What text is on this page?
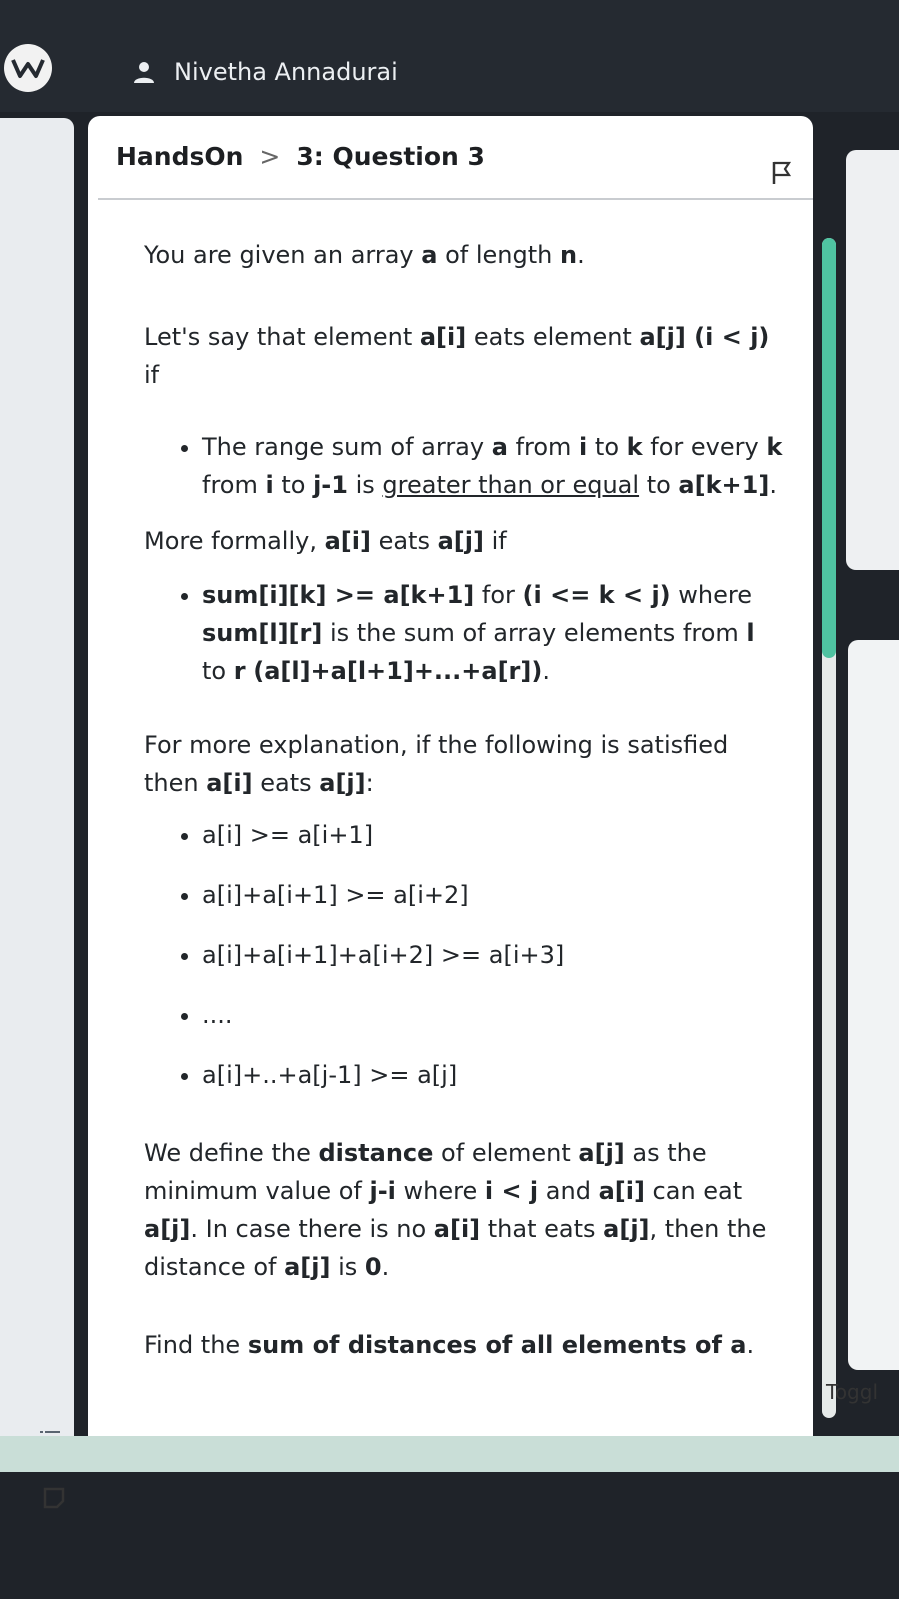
Nivetha Annadurai
HandsOn > 3: Question 3

You are given an array a of length n.

Let's say that element a[i] eats element a[j] (i < j) if

• The range sum of array a from i to k for every k from i to j-1 is greater than or equal to a[k+1].

More formally, a[i] eats a[j] if

• sum[i][k] >= a[k+1] for (i <= k < j) where sum[l][r] is the sum of array elements from l to r (a[l]+a[l+1]+...+a[r]).

For more explanation, if the following is satisfied then a[i] eats a[j]:

• a[i] >= a[i+1]
• a[i]+a[i+1] >= a[i+2]
• a[i]+a[i+1]+a[i+2] >= a[i+3]
• ....
• a[i]+..+a[j-1] >= a[j]

We define the distance of element a[j] as the minimum value of j-i where i < j and a[i] can eat a[j]. In case there is no a[i] that eats a[j], then the distance of a[j] is 0.

Find the sum of distances of all elements of a.

Toggl
